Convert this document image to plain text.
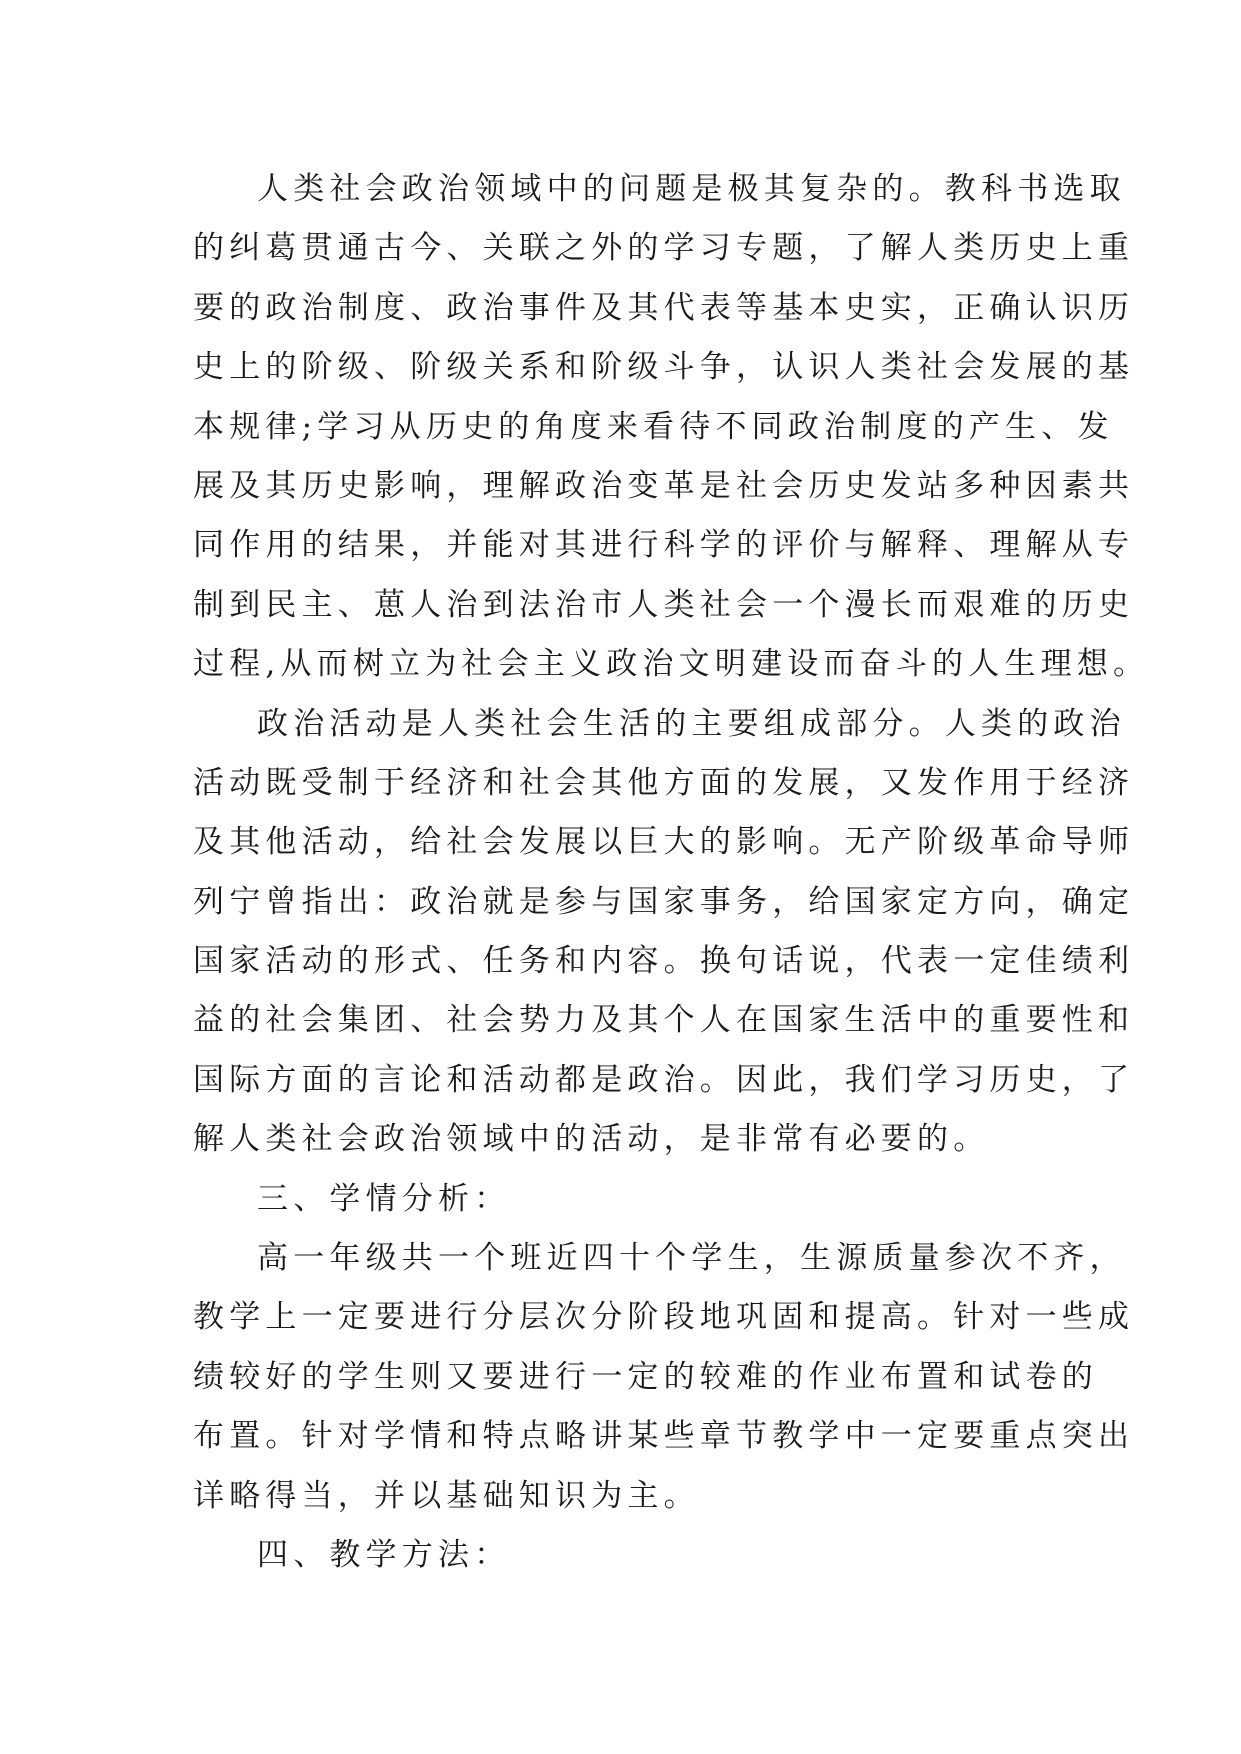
人类社会政治领域中的问题是极其复杂的。教科书选取
的纠葛贯通古今、关联之外的学习专题，了解人类历史上重
要的政治制度、政治事件及其代表等基本史实，正确认识历
史上的阶级、阶级关系和阶级斗争，认识人类社会发展的基
本规律;学习从历史的角度来看待不同政治制度的产生、发
展及其历史影响，理解政治变革是社会历史发站多种因素共
同作用的结果，并能对其进行科学的评价与解释、理解从专
制到民主、葸人治到法治市人类社会一个漫长而艰难的历史
过程,从而树立为社会主义政治文明建设而奋斗的人生理想。
政治活动是人类社会生活的主要组成部分。人类的政治
活动既受制于经济和社会其他方面的发展，又发作用于经济
及其他活动，给社会发展以巨大的影响。无产阶级革命导师
列宁曾指出：政治就是参与国家事务，给国家定方向，确定
国家活动的形式、任务和内容。换句话说，代表一定佳绩利
益的社会集团、社会势力及其个人在国家生活中的重要性和
国际方面的言论和活动都是政治。因此，我们学习历史，了
解人类社会政治领域中的活动，是非常有必要的。
三、学情分析：
高一年级共一个班近四十个学生，生源质量参次不齐，
教学上一定要进行分层次分阶段地巩固和提高。针对一些成
绩较好的学生则又要进行一定的较难的作业布置和试卷的
布置。针对学情和特点略讲某些章节教学中一定要重点突出
详略得当，并以基础知识为主。
四、教学方法：
